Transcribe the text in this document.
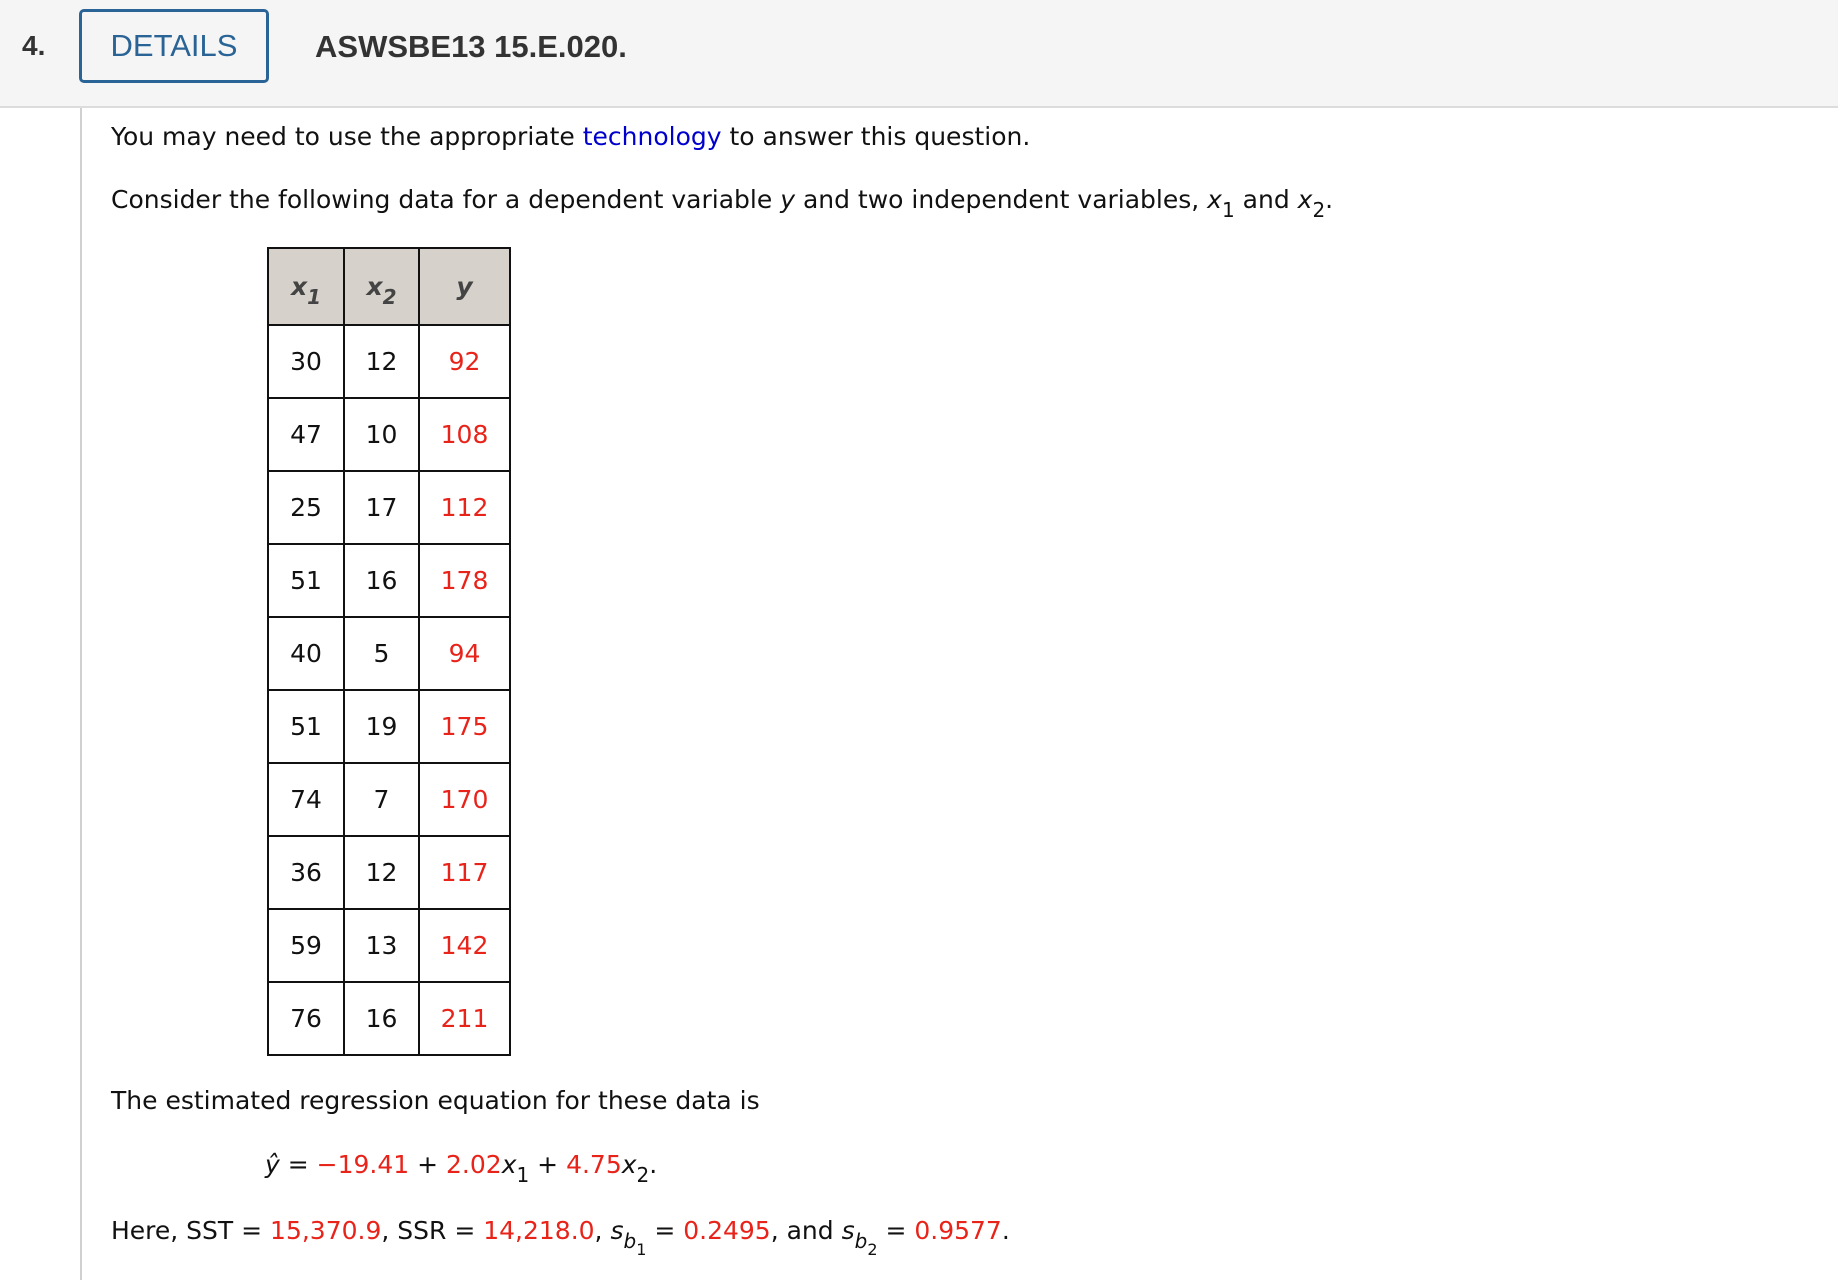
4.	DETAILS	ASWSBE13 15.E.020.
You may need to use the appropriate technology to answer this question.
Consider the following data for a dependent variable y and two independent variables, $x_1$ and $x_2$.
$x_1$	$x_2$	y
30	12	92
47	10	108
25	17	112
51	16	178
40	5	94
51	19	175
74	7	170
36	12	117
59	13	142
76	16	211
The estimated regression equation for these data is
ŷ = $-19.41 + 2.02x_1 + 4.75x_2$.
Here, SST = 15,370.9, SSR = 14,218.0, $s_{b_1} = 0.2495$, and $s_{b_2} = 0.9577$.
